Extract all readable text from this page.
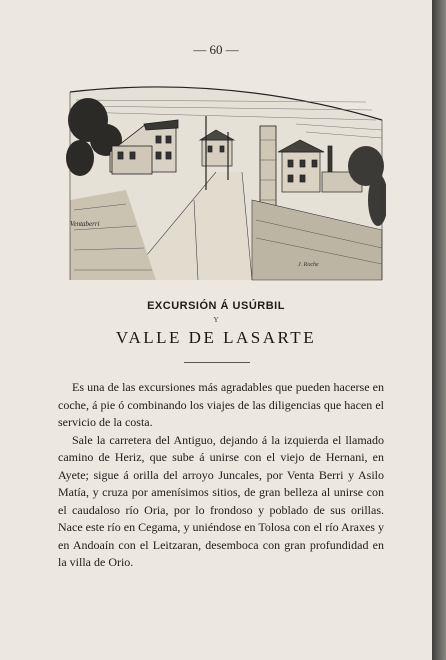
— 60 —
Ventaberri
J. Roche
EXCURSIÓN Á USÚRBIL
Y
VALLE DE LASARTE

Es una de las excursiones más agradables que pueden hacerse en coche, á pie ó combinando los viajes de las diligencias que hacen el servicio de la costa.

Sale la carretera del Antiguo, dejando á la izquierda el llamado camino de Heriz, que sube á unirse con el viejo de Hernani, en Ayete; sigue á orilla del arroyo Juncales, por Venta Berri y Asilo Matía, y cruza por amenísimos sitios, de gran belleza al unirse con el caudaloso río Oria, por lo frondoso y poblado de sus orillas. Nace este río en Cegama, y uniéndose en Tolosa con el río Araxes y en Andoaín con el Leitzaran, desemboca con gran profundidad en la villa de Orio.
